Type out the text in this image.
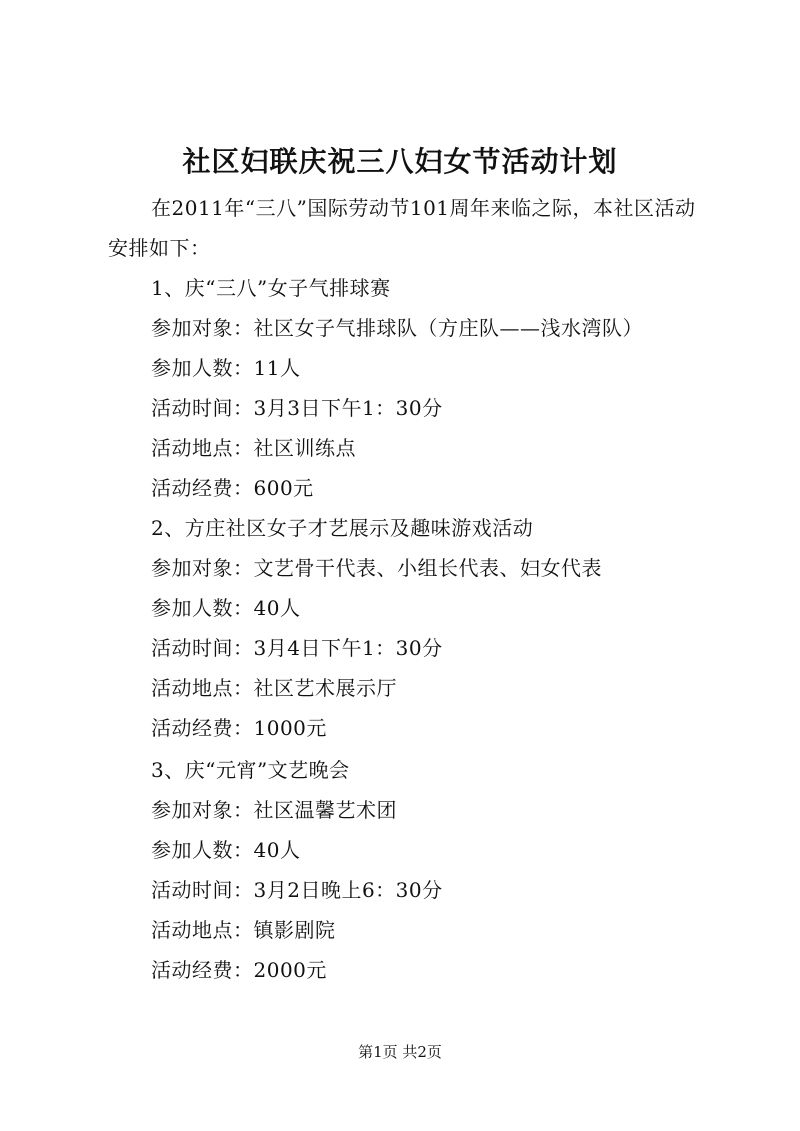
社区妇联庆祝三八妇女节活动计划
在2011年“三八”国际劳动节101周年来临之际，本社区活动安排如下：
1、庆“三八”女子气排球赛
参加对象：社区女子气排球队（方庄队——浅水湾队）
参加人数：11人
活动时间：3月3日下午1：30分
活动地点：社区训练点
活动经费：600元
2、方庄社区女子才艺展示及趣味游戏活动
参加对象：文艺骨干代表、小组长代表、妇女代表
参加人数：40人
活动时间：3月4日下午1：30分
活动地点：社区艺术展示厅
活动经费：1000元
3、庆“元宵”文艺晚会
参加对象：社区温馨艺术团
参加人数：40人
活动时间：3月2日晚上6：30分
活动地点：镇影剧院
活动经费：2000元
第1页 共2页
